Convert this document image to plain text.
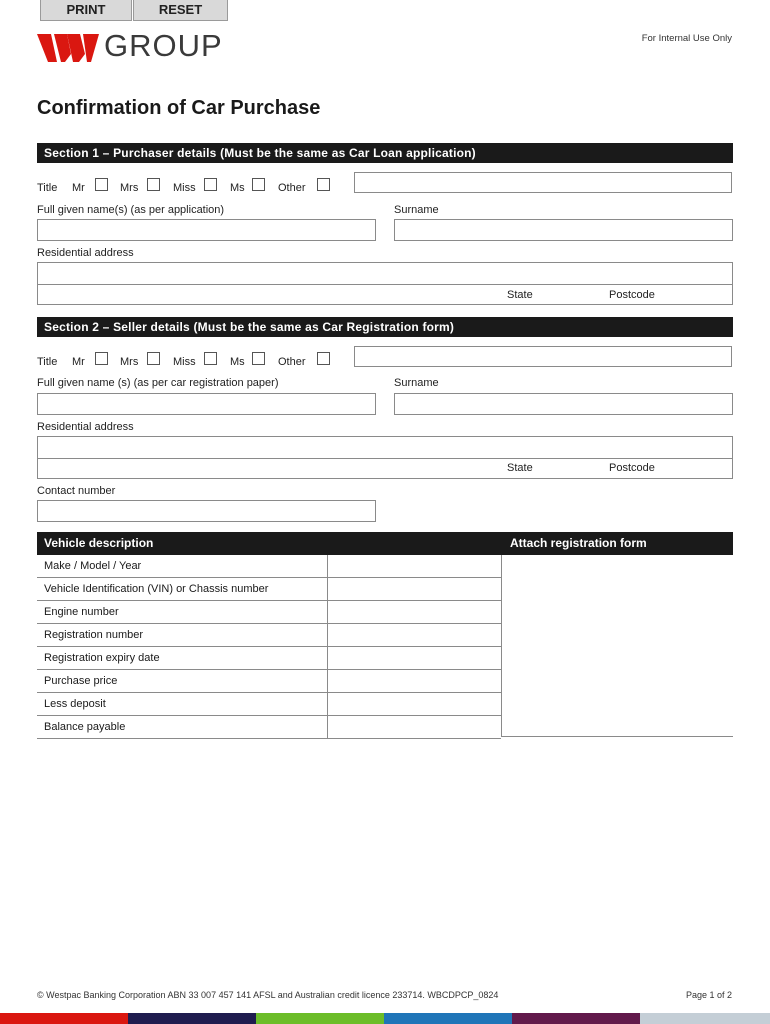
PRINT	RESET
GROUP	For Internal Use Only
Confirmation of Car Purchase
Section 1 – Purchaser details (Must be the same as Car Loan application)
Title Mr	Mrs	Miss	Ms	Other
Full given name(s) (as per application)	Surname
Residential address
State	Postcode
Section 2 – Seller details (Must be the same as Car Registration form)
Title Mr	Mrs	Miss	Ms	Other
Full given name (s) (as per car registration paper)	Surname
Residential address
State	Postcode
Contact number
Vehicle description	Attach registration form
Make / Model / Year
Vehicle Identification (VIN) or Chassis number
Engine number
Registration number
Registration expiry date
Purchase price
Less deposit
Balance payable
© Westpac Banking Corporation ABN 33 007 457 141 AFSL and Australian credit licence 233714. WBCDPCP_0824	Page 1 of 2
